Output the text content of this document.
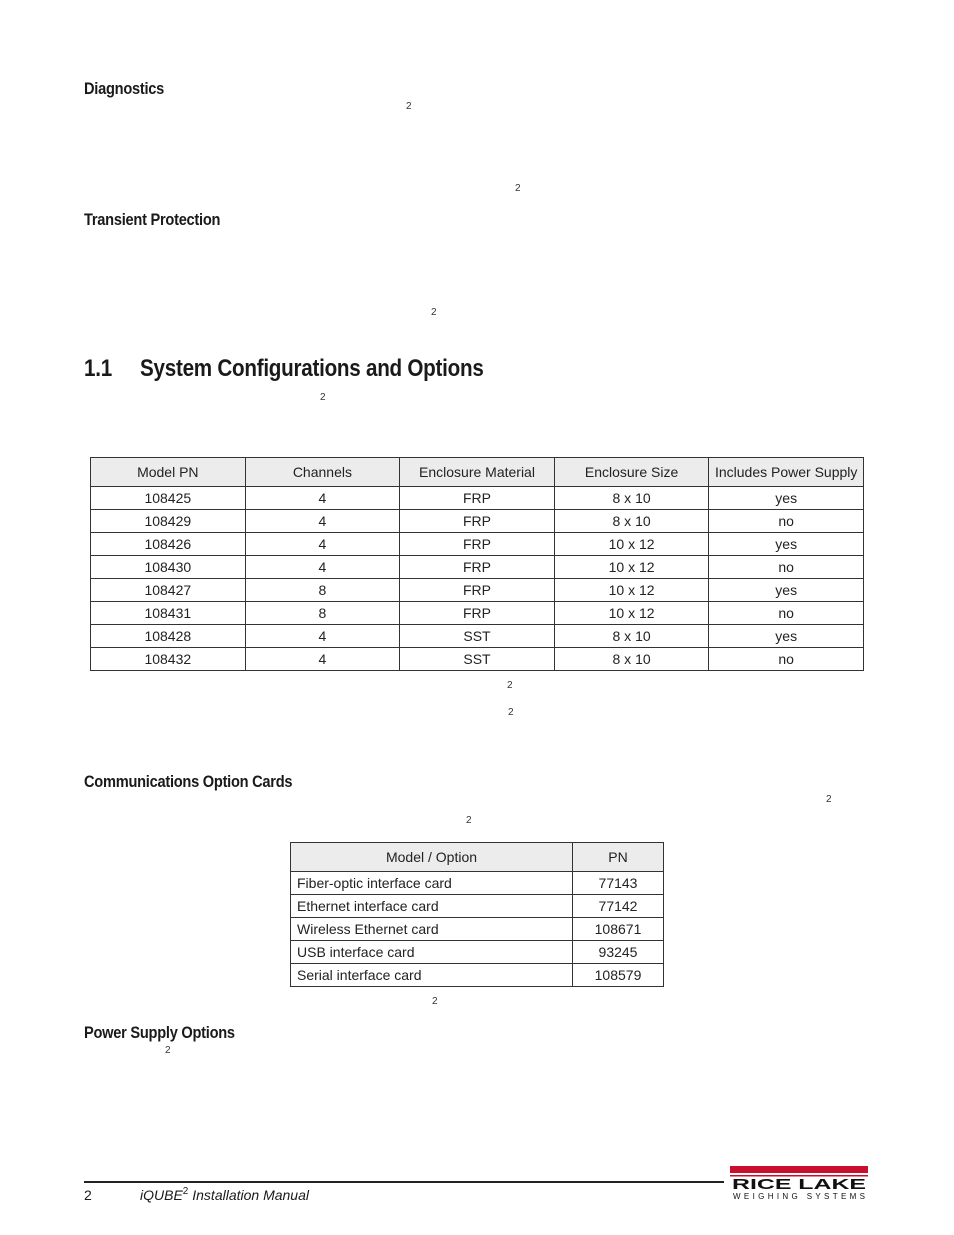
Diagnostics
2
2
Transient Protection
2
1.1 System Configurations and Options
2
Model PN	Channels	Enclosure Material	Enclosure Size	Includes Power Supply
108425	4	FRP	8 x 10	yes
108429	4	FRP	8 x 10	no
108426	4	FRP	10 x 12	yes
108430	4	FRP	10 x 12	no
108427	8	FRP	10 x 12	yes
108431	8	FRP	10 x 12	no
108428	4	SST	8 x 10	yes
108432	4	SST	8 x 10	no
2
2
Communications Option Cards
2
2
Model / Option	PN
Fiber-optic interface card	77143
Ethernet interface card	77142
Wireless Ethernet card	108671
USB interface card	93245
Serial interface card	108579
2
Power Supply Options
2
2	iQUBE$^2$ Installation Manual
RICE LAKE
WEIGHING SYSTEMS
